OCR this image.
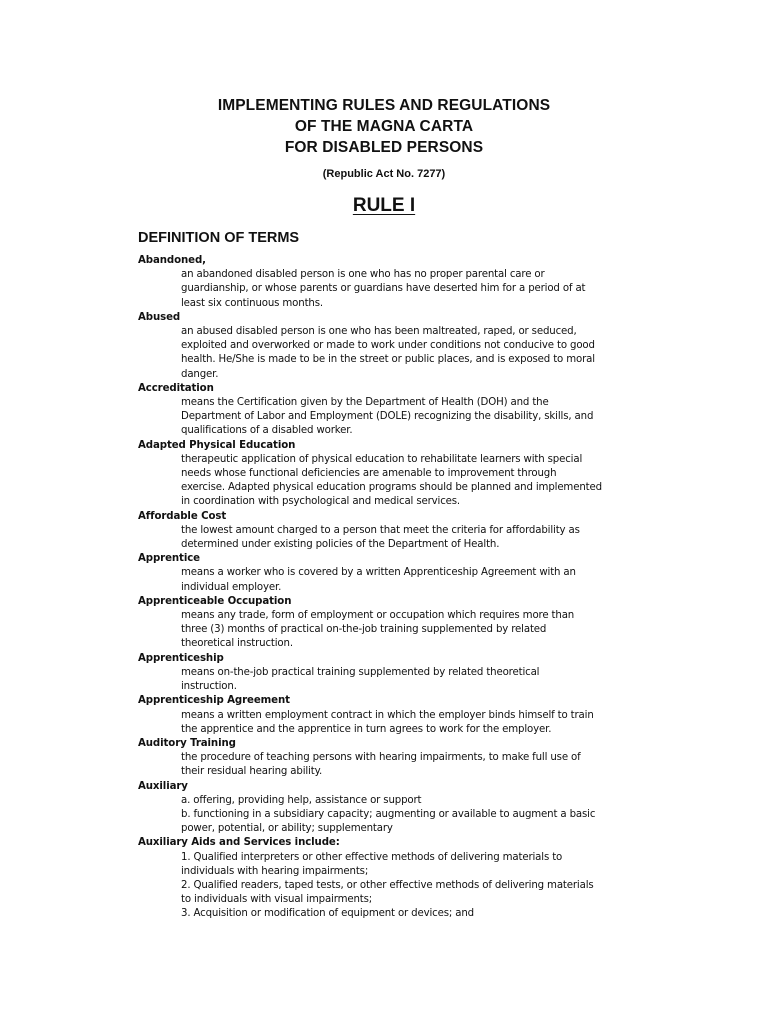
IMPLEMENTING RULES AND REGULATIONS
OF THE MAGNA CARTA
FOR DISABLED PERSONS
(Republic Act No. 7277)
RULE I
DEFINITION OF TERMS
Abandoned,
an abandoned disabled person is one who has no proper parental care or
guardianship, or whose parents or guardians have deserted him for a period of at
least six continuous months.
Abused
an abused disabled person is one who has been maltreated, raped, or seduced,
exploited and overworked or made to work under conditions not conducive to good
health. He/She is made to be in the street or public places, and is exposed to moral
danger.
Accreditation
means the Certification given by the Department of Health (DOH) and the
Department of Labor and Employment (DOLE) recognizing the disability, skills, and
qualifications of a disabled worker.
Adapted Physical Education
therapeutic application of physical education to rehabilitate learners with special
needs whose functional deficiencies are amenable to improvement through
exercise. Adapted physical education programs should be planned and implemented
in coordination with psychological and medical services.
Affordable Cost
the lowest amount charged to a person that meet the criteria for affordability as
determined under existing policies of the Department of Health.
Apprentice
means a worker who is covered by a written Apprenticeship Agreement with an
individual employer.
Apprenticeable Occupation
means any trade, form of employment or occupation which requires more than
three (3) months of practical on-the-job training supplemented by related
theoretical instruction.
Apprenticeship
means on-the-job practical training supplemented by related theoretical
instruction.
Apprenticeship Agreement
means a written employment contract in which the employer binds himself to train
the apprentice and the apprentice in turn agrees to work for the employer.
Auditory Training
the procedure of teaching persons with hearing impairments, to make full use of
their residual hearing ability.
Auxiliary
a. offering, providing help, assistance or support
b. functioning in a subsidiary capacity; augmenting or available to augment a basic
power, potential, or ability; supplementary
Auxiliary Aids and Services include:
1. Qualified interpreters or other effective methods of delivering materials to
individuals with hearing impairments;
2. Qualified readers, taped tests, or other effective methods of delivering materials
to individuals with visual impairments;
3. Acquisition or modification of equipment or devices; and
